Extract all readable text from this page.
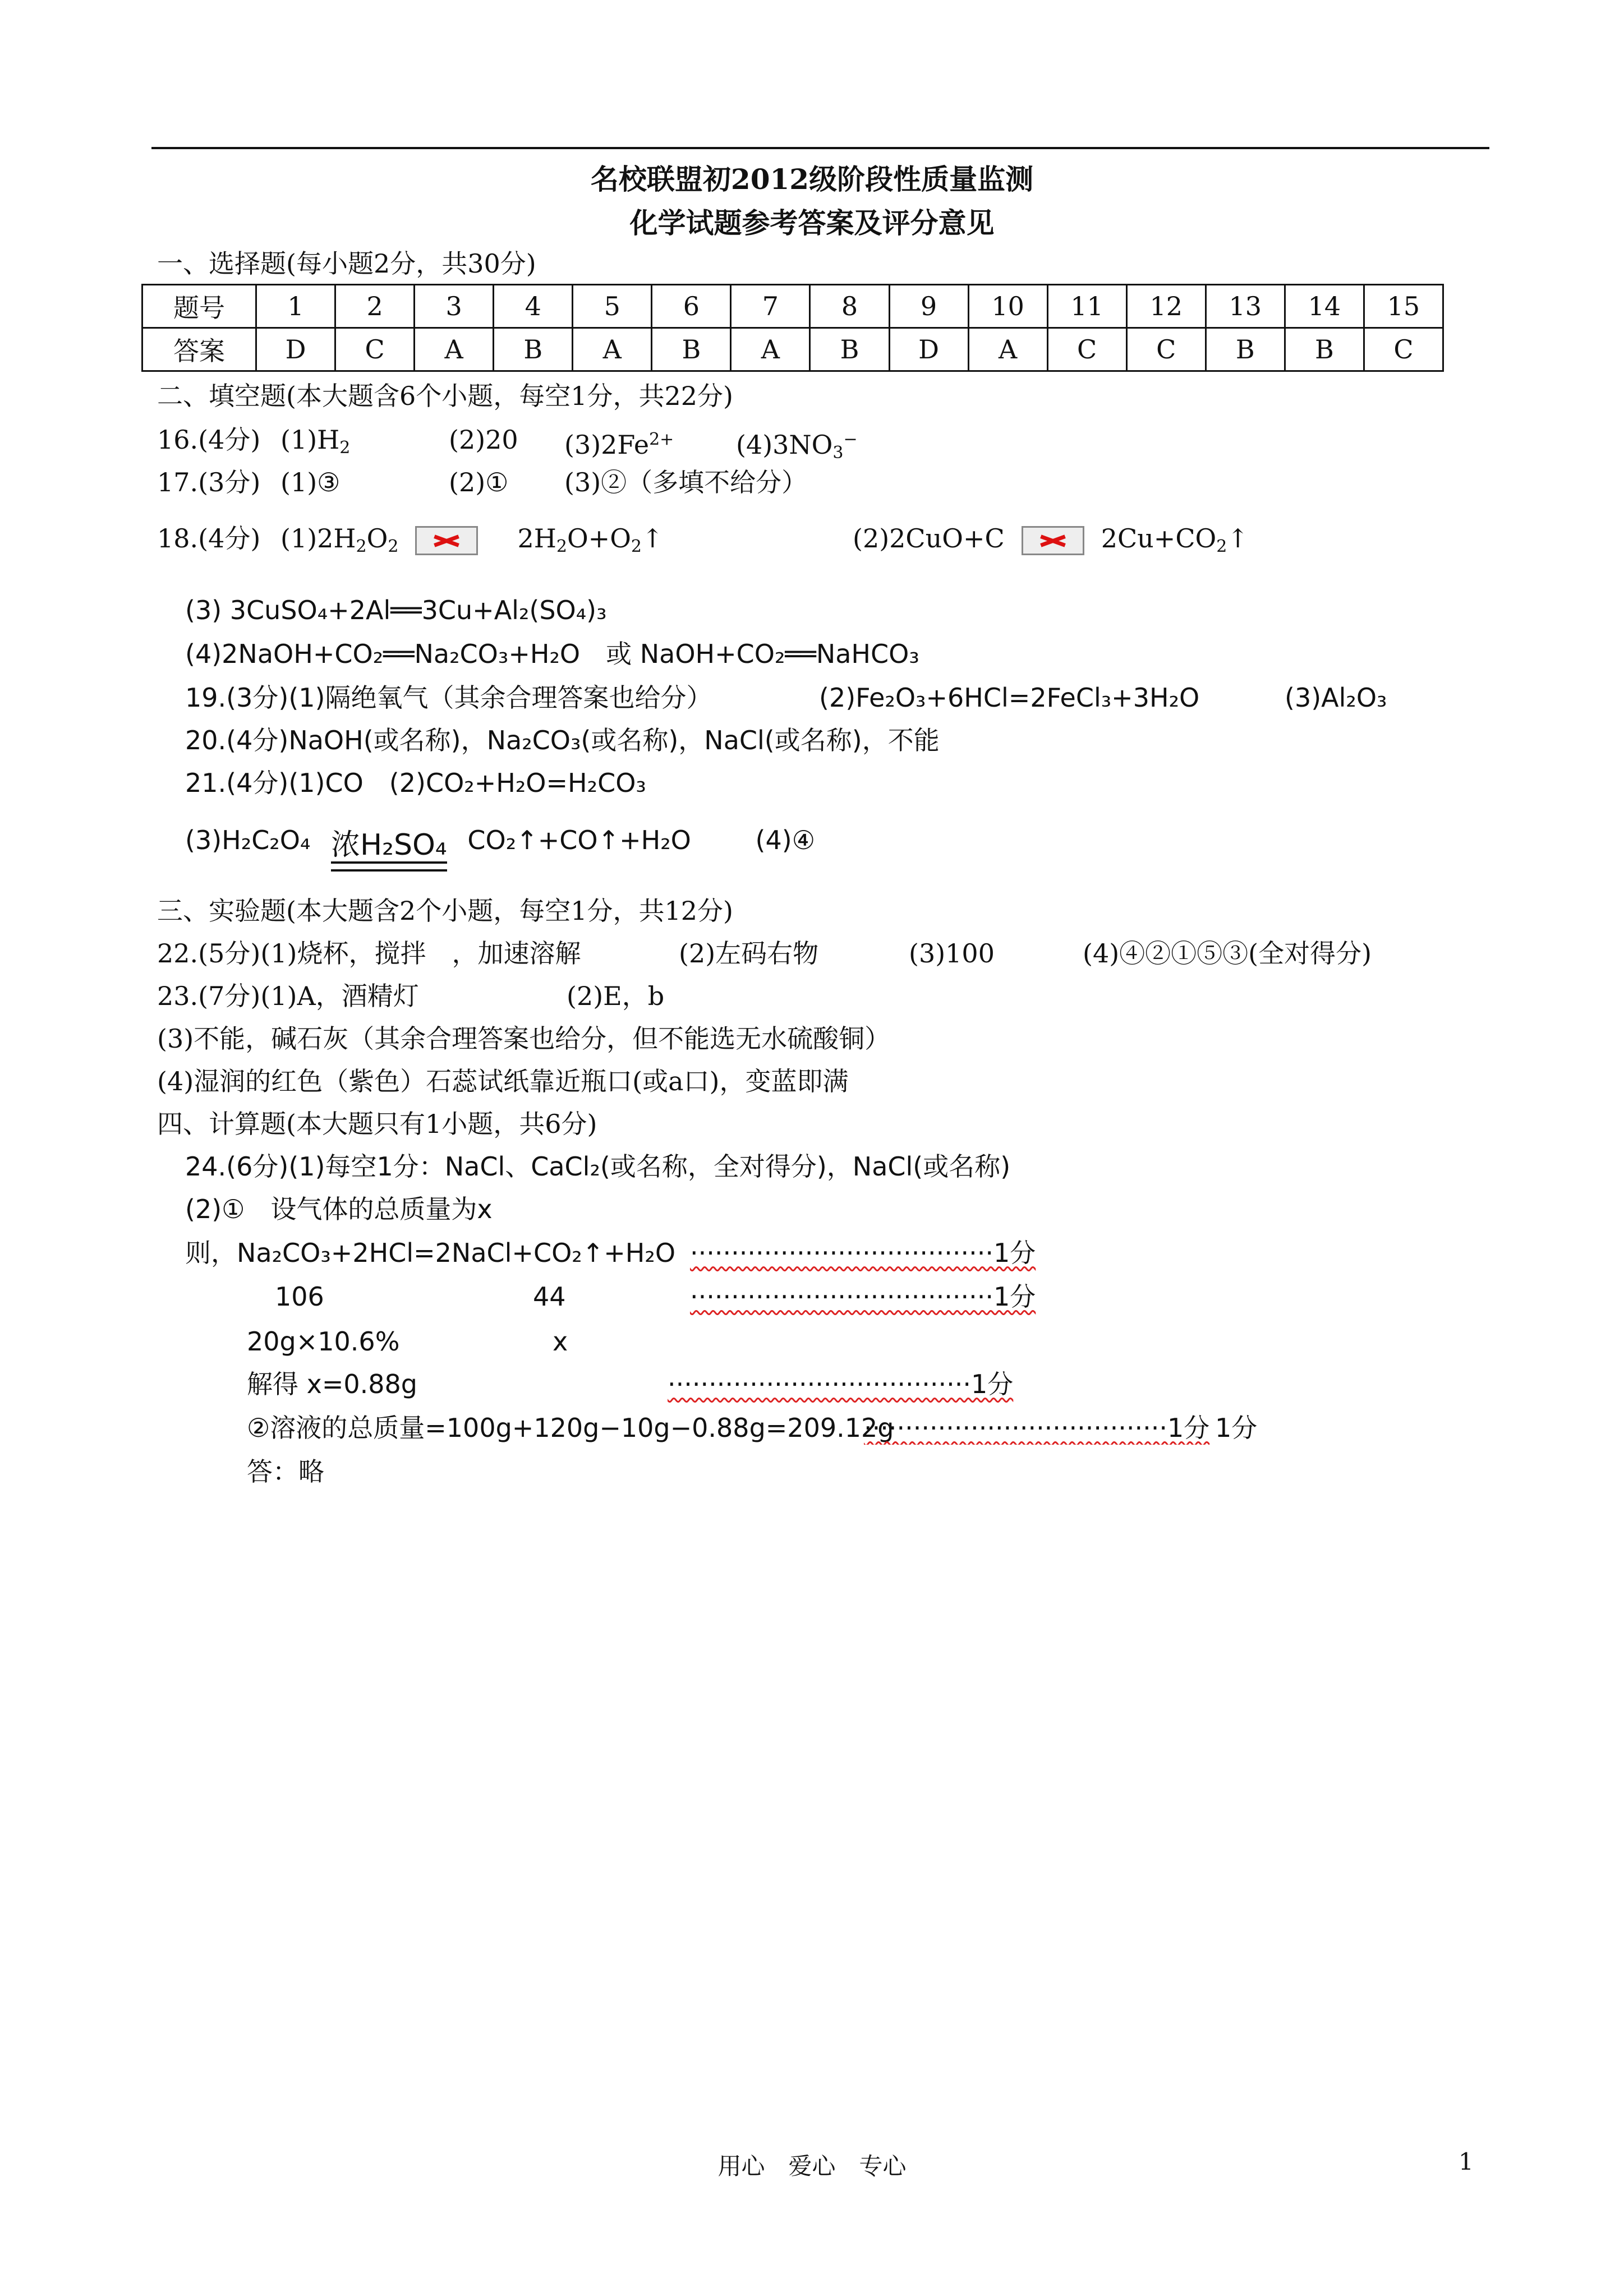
名校联盟初2012级阶段性质量监测
化学试题参考答案及评分意见
一、选择题(每小题2分，共30分)
题号	1	2	3	4	5	6	7	8	9	10	11	12	13	14	15
答案	D	C	A	B	A	B	A	B	D	A	C	C	B	B	C
二、填空题(本大题含6个小题，每空1分，共22分)
16.(4分) $(1)H_2$	(2)20 $(3)2Fe^{2+}$ $(4)3NO_3^-$
17.(3分) (1)③	(2)① (3)②（多填不给分）
18.(4分) $(1)2H_2O_2$	$2H_2O+O_2↑$	(2)2CuO+C	$2Cu+CO_2↑$
(3) 3CuSO₄+2Al══3Cu+Al₂(SO₄)₃
(4)2NaOH+CO₂══Na₂CO₃+H₂O　或 NaOH+CO₂══NaHCO₃
19.(3分)(1)隔绝氧气（其余合理答案也给分）	(2)Fe₂O₃+6HCl=2FeCl₃+3H₂O	(3)Al₂O₃
20.(4分)NaOH(或名称)，Na₂CO₃(或名称)，NaCl(或名称)，不能
21.(4分)(1)CO　(2)CO₂+H₂O=H₂CO₃
(3)H₂C₂O₄ 浓H₂SO₄ CO₂↑+CO↑+H₂O (4)④
三、实验题(本大题含2个小题，每空1分，共12分)
22.(5分)(1)烧杯，搅拌　，加速溶解	(2)左码右物	(3)100	(4)④②①⑤③(全对得分)
23.(7分)(1)A，酒精灯	(2)E，b
(3)不能，碱石灰（其余合理答案也给分，但不能选无水硫酸铜）
(4)湿润的红色（紫色）石蕊试纸靠近瓶口(或a口)，变蓝即满
四、计算题(本大题只有1小题，共6分)
24.(6分)(1)每空1分：NaCl、CaCl₂(或名称，全对得分)，NaCl(或名称)
(2)①　设气体的总质量为x
则，Na₂CO₃+2HCl=2NaCl+CO₂↑+H₂O ·····································1分
106	44	·····································1分
20g×10.6%	x
解得 x=0.88g	·····································1分
②溶液的总质量=100g+120g−10g−0.88g=209.12g
·····································1分 1分
答：略
用心　爱心　专心	1
